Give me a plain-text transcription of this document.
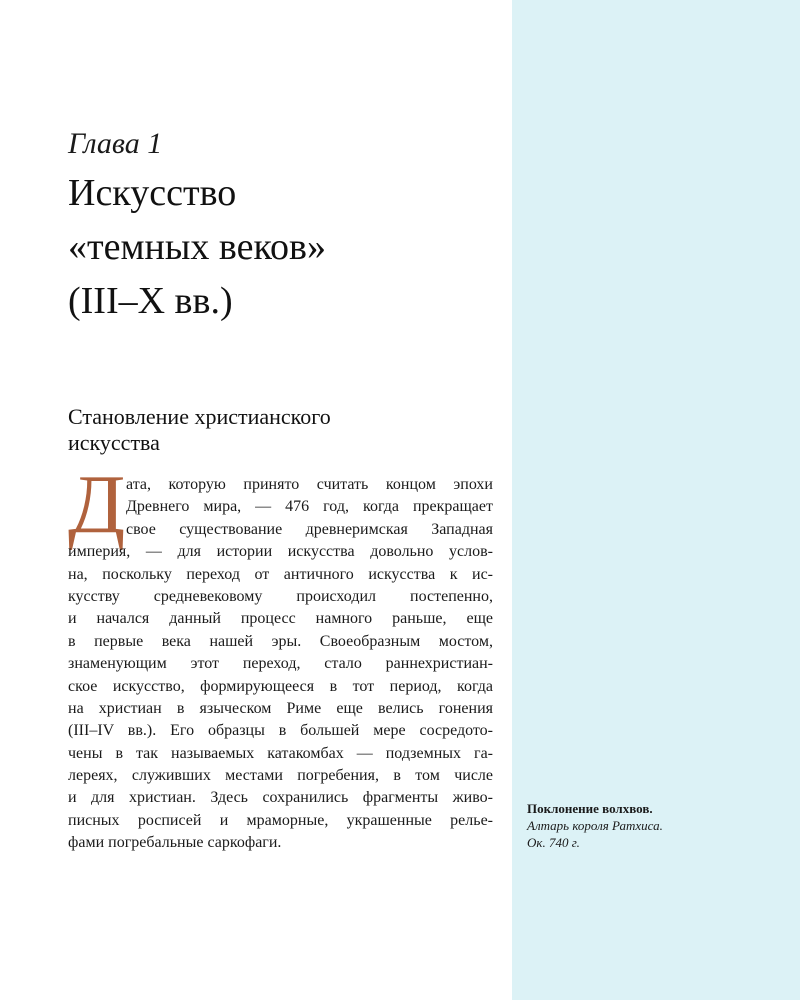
Глава 1
Искусство
«темных веков»
(III–X вв.)
Становление христианского
искусства
Д ата, которую принято считать концом эпохи
Древнего мира, — 476 год, когда прекращает
свое существование древнеримская Западная
империя, — для истории искусства довольно услов-
на, поскольку переход от античного искусства к ис-
кусству средневековому происходил постепенно,
и начался данный процесс намного раньше, еще
в первые века нашей эры. Своеобразным мостом,
знаменующим этот переход, стало раннехристиан-
ское искусство, формирующееся в тот период, когда
на христиан в языческом Риме еще велись гонения
(III–IV вв.). Его образцы в большей мере сосредото-
чены в так называемых катакомбах — подземных га-
лереях, служивших местами погребения, в том числе
и для христиан. Здесь сохранились фрагменты живо-
писных росписей и мраморные, украшенные релье-
фами погребальные саркофаги.
Поклонение волхвов.
Алтарь короля Ратхиса.
Ок. 740 г.
